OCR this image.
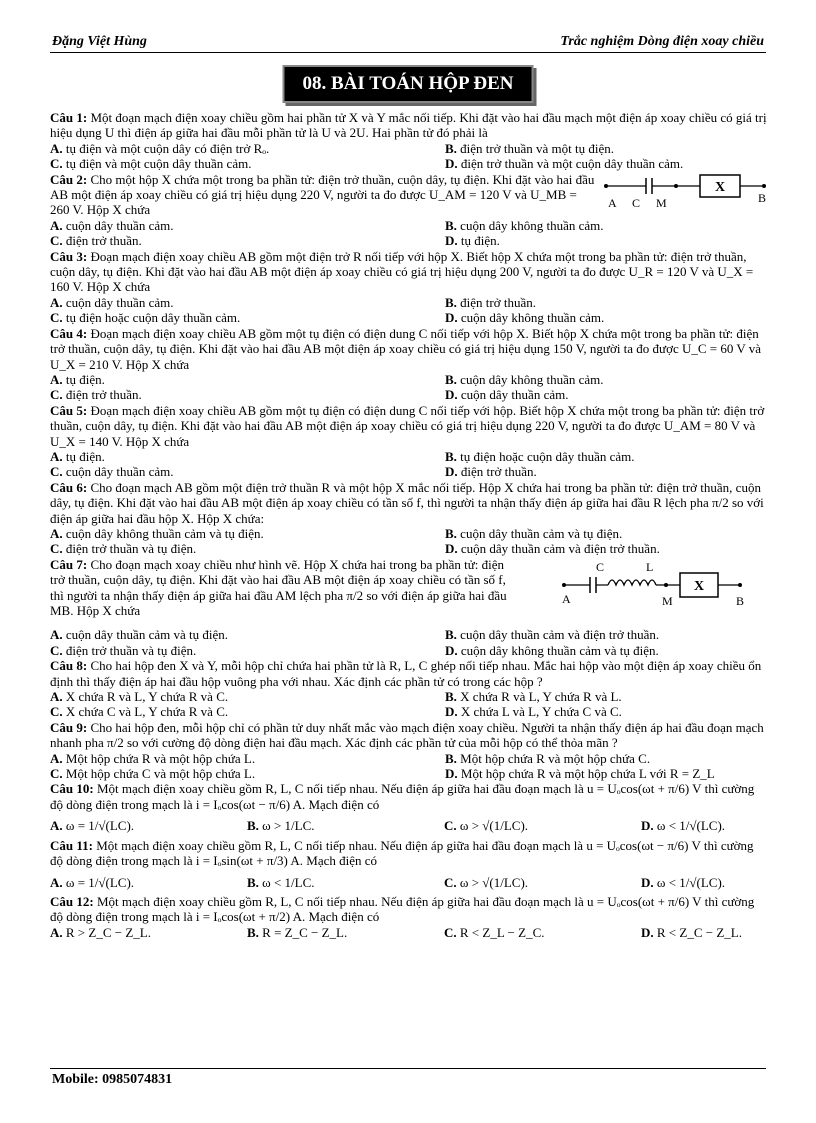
Đặng Việt Hùng	Trắc nghiệm Dòng điện xoay chiều
08. BÀI TOÁN HỘP ĐEN

Câu 1: Một đoạn mạch điện xoay chiều gồm hai phần tử X và Y mắc nối tiếp. Khi đặt vào hai đầu mạch một điện áp xoay chiều có giá trị hiệu dụng U thì điện áp giữa hai đầu mỗi phần tử là U và 2U. Hai phần tử đó phải là

A. tụ điện và một cuộn dây có điện trở Rₒ.	B. điện trở thuần và một tụ điện.
C. tụ điện và một cuộn dây thuần cảm.	D. điện trở thuần và một cuộn dây thuần cảm.

Câu 2: Cho một hộp X chứa một trong ba phần tử: điện trở thuần, cuộn dây, tụ điện. Khi đặt vào hai đầu AB một điện áp xoay chiều có giá trị hiệu dụng 220 V, người ta đo được U_AM = 120 V và U_MB = 260 V. Hộp X chứa

X
A C M	B
A. cuộn dây thuần cảm.	B. cuộn dây không thuần cảm.
C. điện trở thuần.	D. tụ điện.

Câu 3: Đoạn mạch điện xoay chiều AB gồm một điện trở R nối tiếp với hộp X. Biết hộp X chứa một trong ba phần tử: điện trở thuần, cuộn dây, tụ điện. Khi đặt vào hai đầu AB một điện áp xoay chiều có giá trị hiệu dụng 200 V, người ta đo được U_R = 120 V và U_X = 160 V. Hộp X chứa

A. cuộn dây thuần cảm.	B. điện trở thuần.
C. tụ điện hoặc cuộn dây thuần cảm.	D. cuộn dây không thuần cảm.

Câu 4: Đoạn mạch điện xoay chiều AB gồm một tụ điện có điện dung C nối tiếp với hộp X. Biết hộp X chứa một trong ba phần tử: điện trở thuần, cuộn dây, tụ điện. Khi đặt vào hai đầu AB một điện áp xoay chiều có giá trị hiệu dụng 150 V, người ta đo được U_C = 60 V và U_X = 210 V. Hộp X chứa

A. tụ điện.	B. cuộn dây không thuần cảm.
C. điện trở thuần.	D. cuộn dây thuần cảm.

Câu 5: Đoạn mạch điện xoay chiều AB gồm một tụ điện có điện dung C nối tiếp với hộp. Biết hộp X chứa một trong ba phần tử: điện trở thuần, cuộn dây, tụ điện. Khi đặt vào hai đầu AB một điện áp xoay chiều có giá trị hiệu dụng 220 V, người ta đo được U_AM = 80 V và U_X = 140 V. Hộp X chứa

A. tụ điện.	B. tụ điện hoặc cuộn dây thuần cảm.
C. cuộn dây thuần cảm.	D. điện trở thuần.

Câu 6: Cho đoạn mạch AB gồm một điện trở thuần R và một hộp X mắc nối tiếp. Hộp X chứa hai trong ba phần tử: điện trở thuần, cuộn dây, tụ điện. Khi đặt vào hai đầu AB một điện áp xoay chiều có tần số f, thì người ta nhận thấy điện áp giữa hai đầu R lệch pha π/2 so với điện áp giữa hai đầu hộp X. Hộp X chứa:

A. cuộn dây không thuần cảm và tụ điện.	B. cuộn dây thuần cảm và tụ điện.
C. điện trở thuần và tụ điện.	D. cuộn dây thuần cảm và điện trở thuần.

Câu 7: Cho đoạn mạch xoay chiều như hình vẽ. Hộp X chứa hai trong ba phần tử: điện trở thuần, cuộn dây, tụ điện. Khi đặt vào hai đầu AB một điện áp xoay chiều có tần số f, thì người ta nhận thấy điện áp giữa hai đầu AM lệch pha π/2 so với điện áp giữa hai đầu MB. Hộp X chứa

C	L
X
A	M	B
A. cuộn dây thuần cảm và tụ điện.	B. cuộn dây thuần cảm và điện trở thuần.
C. điện trở thuần và tụ điện.	D. cuộn dây không thuần cảm và tụ điện.

Câu 8: Cho hai hộp đen X và Y, mỗi hộp chỉ chứa hai phần tử là R, L, C ghép nối tiếp nhau. Mắc hai hộp vào một điện áp xoay chiều ổn định thì thấy điện áp hai đầu hộp vuông pha với nhau. Xác định các phần tử có trong các hộp ?

A. X chứa R và L, Y chứa R và C.	B. X chứa R và L, Y chứa R và L.
C. X chứa C và L, Y chứa R và C.	D. X chứa L và L, Y chứa C và C.

Câu 9: Cho hai hộp đen, mỗi hộp chỉ có phần tử duy nhất mắc vào mạch điện xoay chiều. Người ta nhận thấy điện áp hai đầu đoạn mạch nhanh pha π/2 so với cường độ dòng điện hai đầu mạch. Xác định các phần tử của mỗi hộp có thể thỏa mãn ?

A. Một hộp chứa R và một hộp chứa L.	B. Một hộp chứa R và một hộp chứa C.
C. Một hộp chứa C và một hộp chứa L.	D. Một hộp chứa R và một hộp chứa L với R = Z_L

Câu 10: Một mạch điện xoay chiều gồm R, L, C nối tiếp nhau. Nếu điện áp giữa hai đầu đoạn mạch là u = Uₒcos(ωt + π/6) V thì cường độ dòng điện trong mạch là i = Iₒcos(ωt − π/6) A. Mạch điện có

A. ω = 1/√(LC).	B. ω > 1/LC.	C. ω > √(1/LC).	D. ω < 1/√(LC).

Câu 11: Một mạch điện xoay chiều gồm R, L, C nối tiếp nhau. Nếu điện áp giữa hai đầu đoạn mạch là u = Uₒcos(ωt − π/6) V thì cường độ dòng điện trong mạch là i = Iₒsin(ωt + π/3) A. Mạch điện có

A. ω = 1/√(LC).	B. ω < 1/LC.	C. ω > √(1/LC).	D. ω < 1/√(LC).

Câu 12: Một mạch điện xoay chiều gồm R, L, C nối tiếp nhau. Nếu điện áp giữa hai đầu đoạn mạch là u = Uₒcos(ωt + π/6) V thì cường độ dòng điện trong mạch là i = Iₒcos(ωt + π/2) A. Mạch điện có

A. R > Z_C − Z_L.	B. R = Z_C − Z_L.	C. R < Z_L − Z_C.	D. R < Z_C − Z_L.
Mobile: 0985074831
